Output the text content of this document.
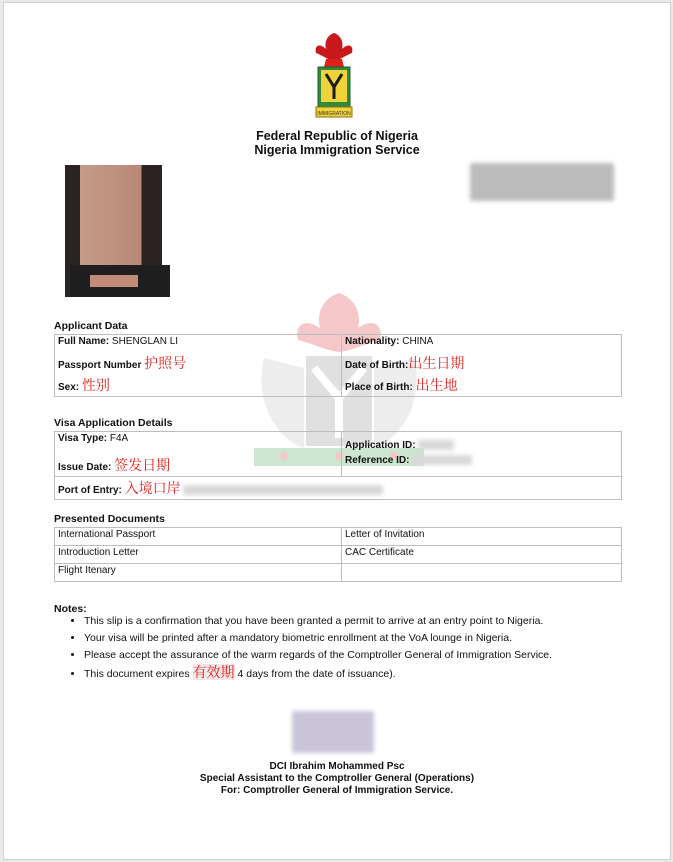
IMMIGRATION
Federal Republic of Nigeria
Nigeria Immigration Service
Applicant Data
Full Name: SHENGLAN LI	Nationality: CHINA
Passport Number 护照号	Date of Birth:出生日期
Sex: 性别	Place of Birth: 出生地
Visa Application Details
Visa Type: F4A	Application ID:
Issue Date: 签发日期	Reference ID:
Port of Entry: 入境口岸	
Presented Documents
International Passport	Letter of Invitation
Introduction Letter	CAC Certificate
Flight Itenary	
Notes:
• This slip is a confirmation that you have been granted a permit to arrive at an entry point to Nigeria.
• Your visa will be printed after a mandatory biometric enrollment at the VoA lounge in Nigeria.
• Please accept the assurance of the warm regards of the Comptroller General of Immigration Service.
• This document expires 有效期 4 days from the date of issuance).
DCI Ibrahim Mohammed Psc
Special Assistant to the Comptroller General (Operations)
For: Comptroller General of Immigration Service.
